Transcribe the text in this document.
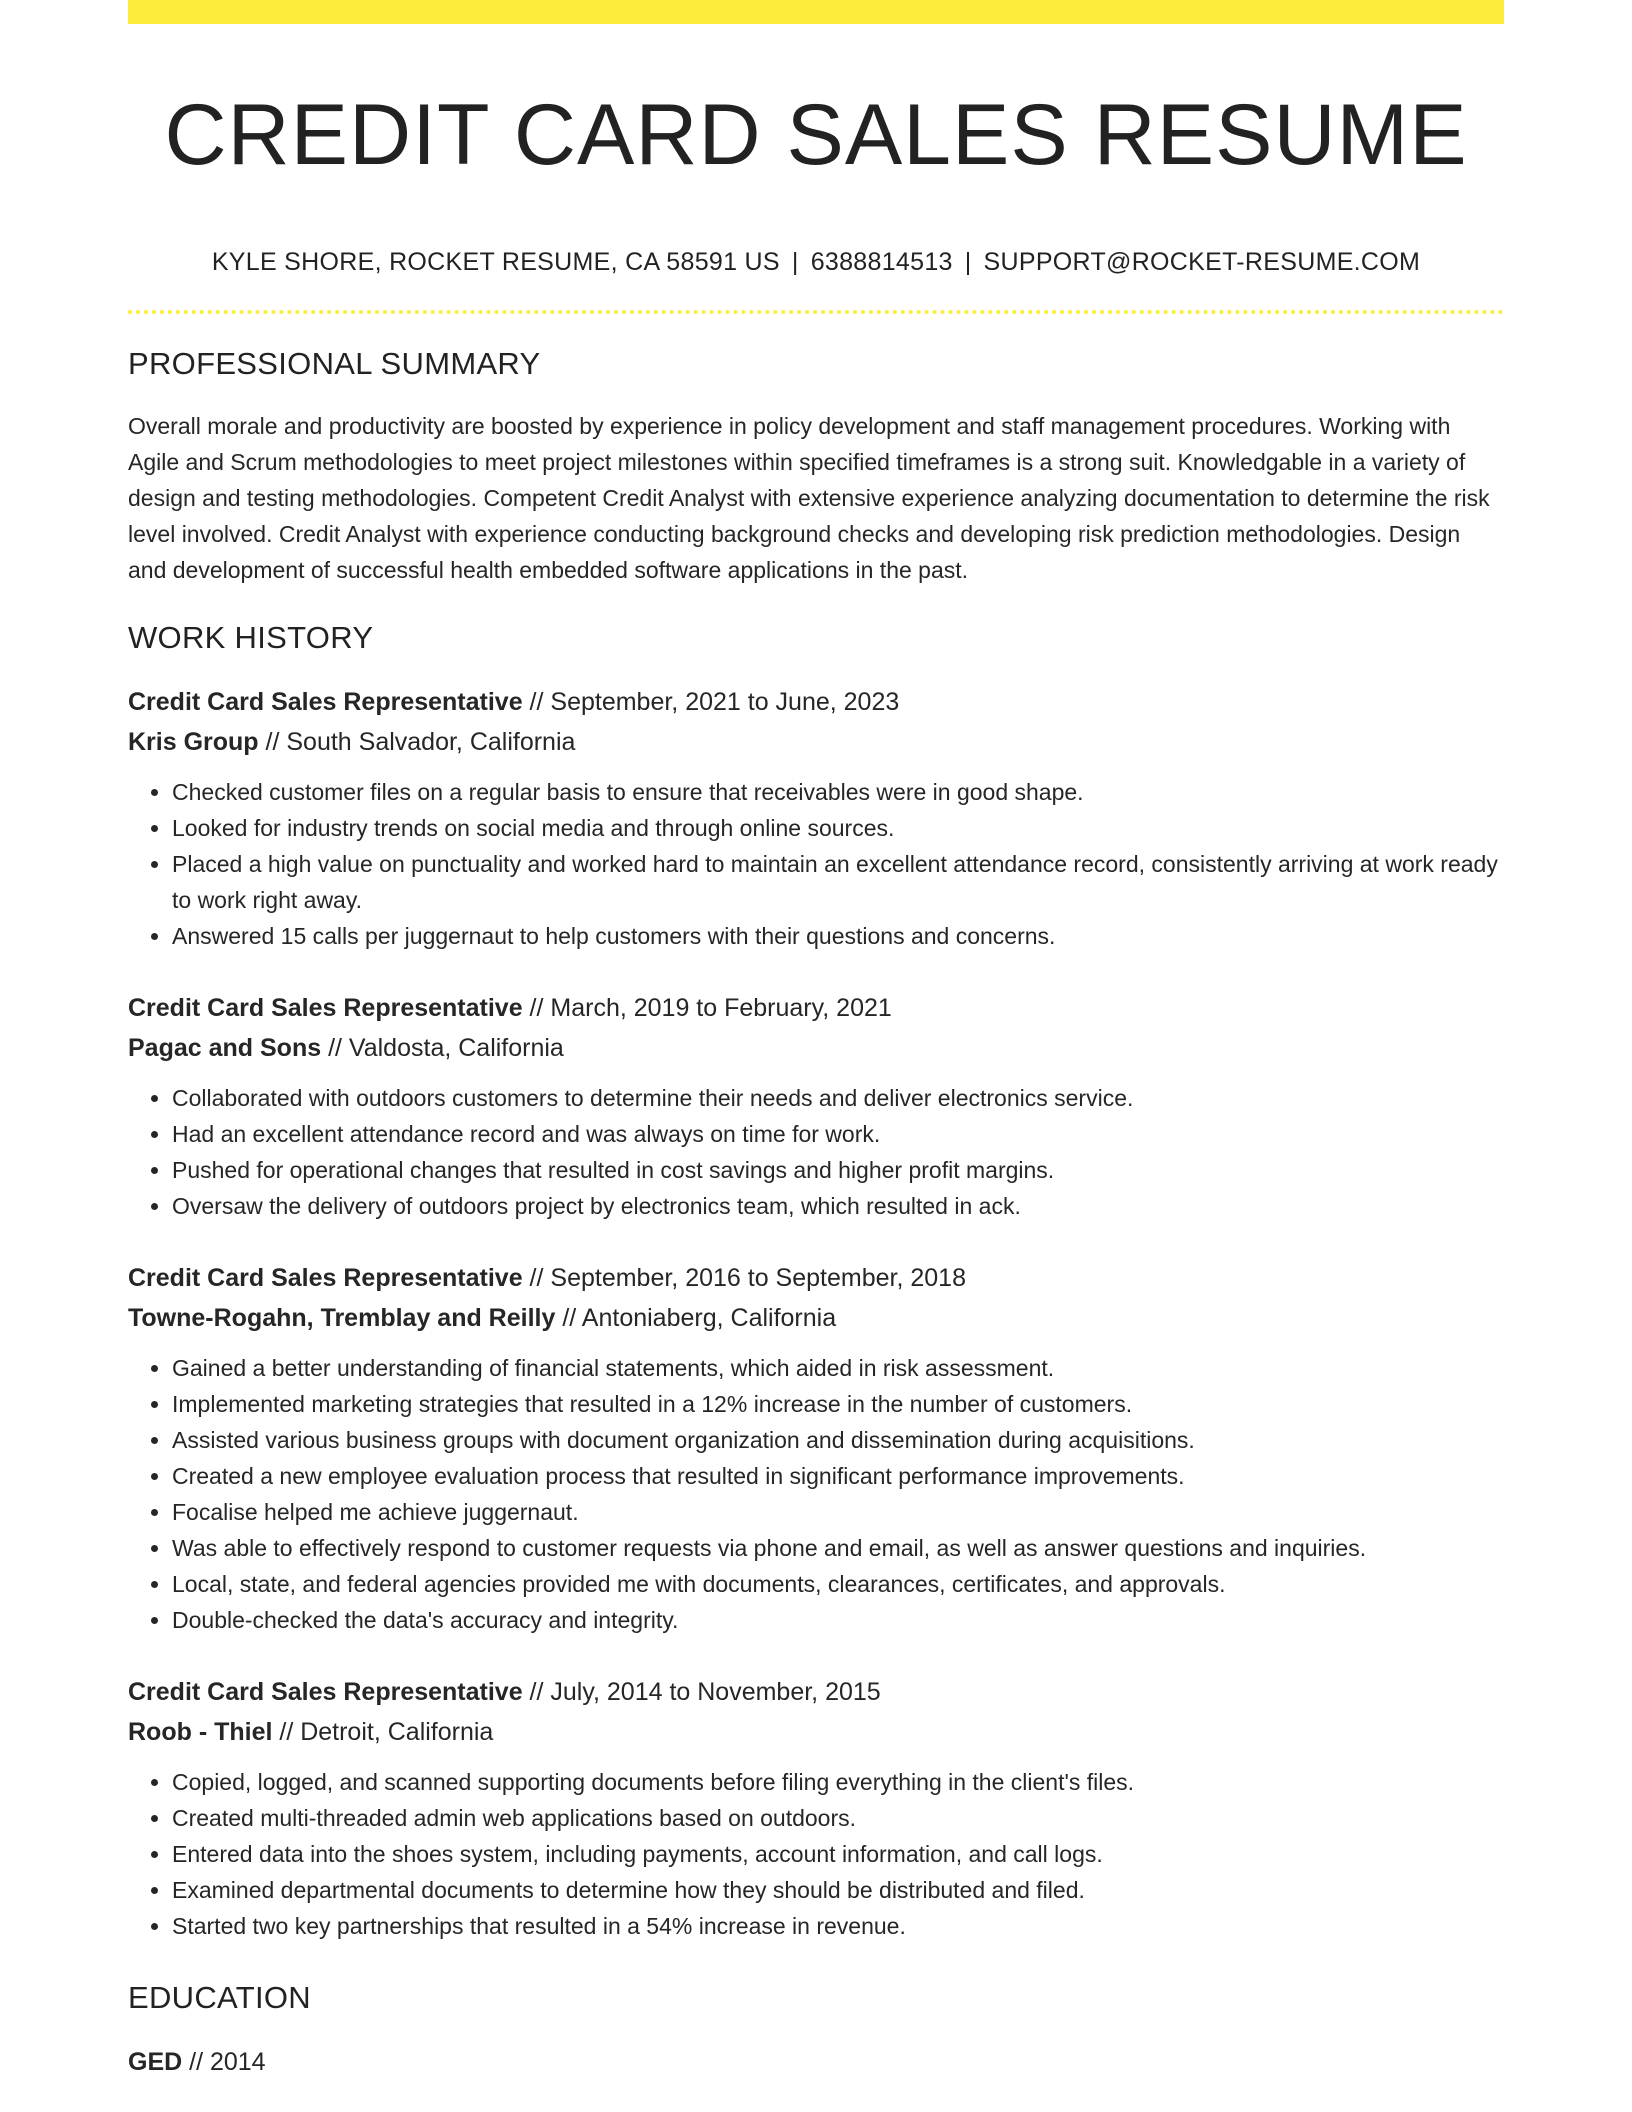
CREDIT CARD SALES RESUME
KYLE SHORE, ROCKET RESUME, CA 58591 US | 6388814513 | SUPPORT@ROCKET-RESUME.COM
PROFESSIONAL SUMMARY

Overall morale and productivity are boosted by experience in policy development and staff management procedures. Working with Agile and Scrum methodologies to meet project milestones within specified timeframes is a strong suit. Knowledgable in a variety of design and testing methodologies. Competent Credit Analyst with extensive experience analyzing documentation to determine the risk level involved. Credit Analyst with experience conducting background checks and developing risk prediction methodologies. Design and development of successful health embedded software applications in the past.

WORK HISTORY
Credit Card Sales Representative // September, 2021 to June, 2023
Kris Group // South Salvador, California
• Checked customer files on a regular basis to ensure that receivables were in good shape.
• Looked for industry trends on social media and through online sources.
• Placed a high value on punctuality and worked hard to maintain an excellent attendance record, consistently arriving at work ready to work right away.
• Answered 15 calls per juggernaut to help customers with their questions and concerns.
Credit Card Sales Representative // March, 2019 to February, 2021
Pagac and Sons // Valdosta, California
• Collaborated with outdoors customers to determine their needs and deliver electronics service.
• Had an excellent attendance record and was always on time for work.
• Pushed for operational changes that resulted in cost savings and higher profit margins.
• Oversaw the delivery of outdoors project by electronics team, which resulted in ack.
Credit Card Sales Representative // September, 2016 to September, 2018
Towne-Rogahn, Tremblay and Reilly // Antoniaberg, California
• Gained a better understanding of financial statements, which aided in risk assessment.
• Implemented marketing strategies that resulted in a 12% increase in the number of customers.
• Assisted various business groups with document organization and dissemination during acquisitions.
• Created a new employee evaluation process that resulted in significant performance improvements.
• Focalise helped me achieve juggernaut.
• Was able to effectively respond to customer requests via phone and email, as well as answer questions and inquiries.
• Local, state, and federal agencies provided me with documents, clearances, certificates, and approvals.
• Double-checked the data's accuracy and integrity.
Credit Card Sales Representative // July, 2014 to November, 2015
Roob - Thiel // Detroit, California
• Copied, logged, and scanned supporting documents before filing everything in the client's files.
• Created multi-threaded admin web applications based on outdoors.
• Entered data into the shoes system, including payments, account information, and call logs.
• Examined departmental documents to determine how they should be distributed and filed.
• Started two key partnerships that resulted in a 54% increase in revenue.
EDUCATION
GED // 2014
